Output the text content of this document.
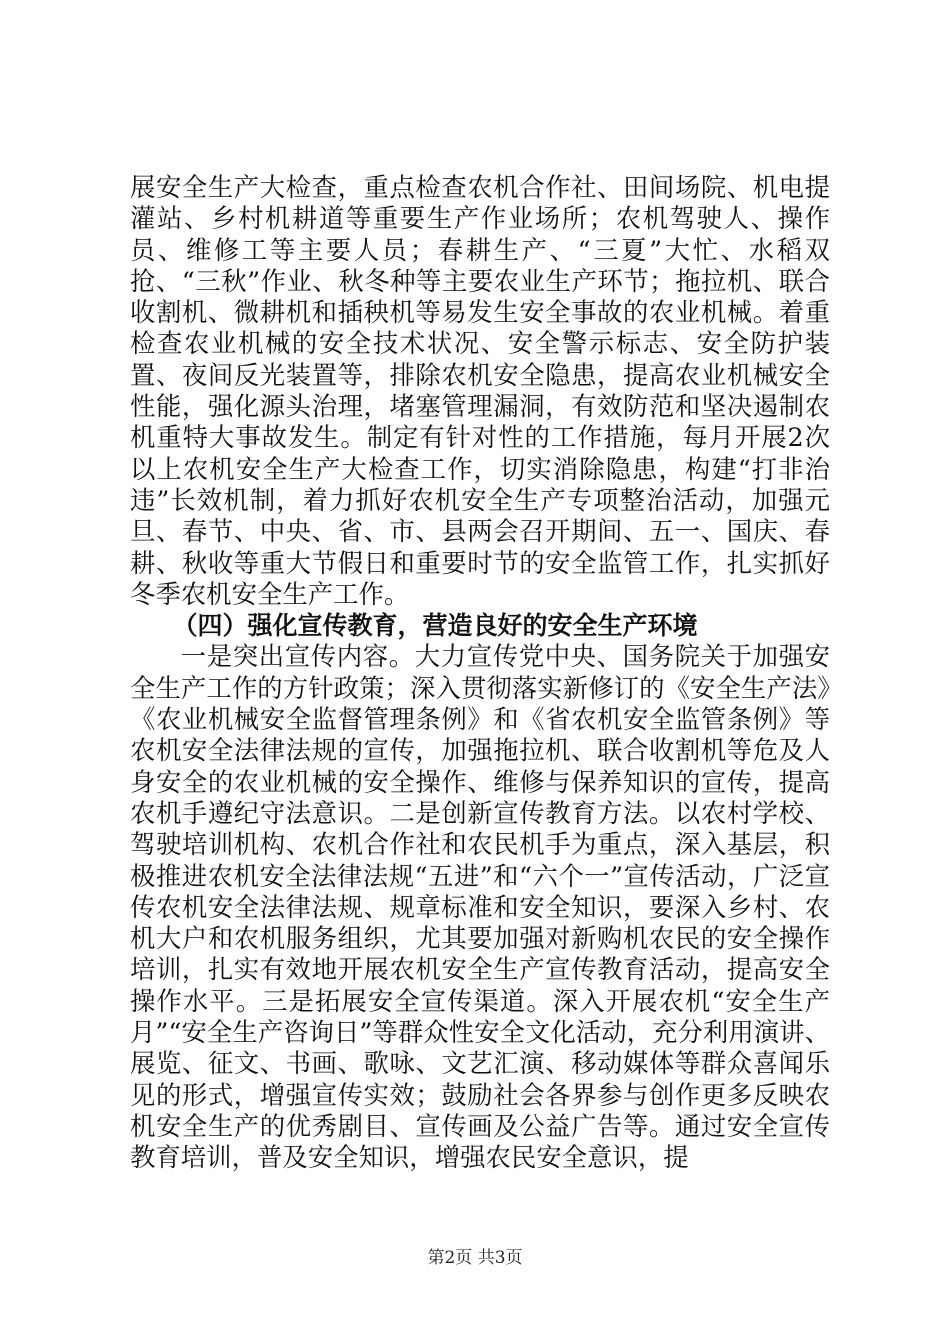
展安全生产大检查，重点检查农机合作社、田间场院、机电提灌站、乡村机耕道等重要生产作业场所；农机驾驶人、操作员、维修工等主要人员；春耕生产、“三夏”大忙、水稻双抢、“三秋”作业、秋冬种等主要农业生产环节；拖拉机、联合收割机、微耕机和插秧机等易发生安全事故的农业机械。着重检查农业机械的安全技术状况、安全警示标志、安全防护装置、夜间反光装置等，排除农机安全隐患，提高农业机械安全性能，强化源头治理，堵塞管理漏洞，有效防范和坚决遏制农机重特大事故发生。制定有针对性的工作措施，每月开展2次以上农机安全生产大检查工作，切实消除隐患，构建“打非治违”长效机制，着力抓好农机安全生产专项整治活动，加强元旦、春节、中央、省、市、县两会召开期间、五一、国庆、春耕、秋收等重大节假日和重要时节的安全监管工作，扎实抓好冬季农机安全生产工作。

（四）强化宣传教育，营造良好的安全生产环境

一是突出宣传内容。大力宣传党中央、国务院关于加强安全生产工作的方针政策；深入贯彻落实新修订的《安全生产法》《农业机械安全监督管理条例》和《省农机安全监管条例》等农机安全法律法规的宣传，加强拖拉机、联合收割机等危及人身安全的农业机械的安全操作、维修与保养知识的宣传，提高农机手遵纪守法意识。二是创新宣传教育方法。以农村学校、驾驶培训机构、农机合作社和农民机手为重点，深入基层，积极推进农机安全法律法规“五进”和“六个一”宣传活动，广泛宣传农机安全法律法规、规章标准和安全知识，要深入乡村、农机大户和农机服务组织，尤其要加强对新购机农民的安全操作培训，扎实有效地开展农机安全生产宣传教育活动，提高安全操作水平。三是拓展安全宣传渠道。深入开展农机“安全生产月”“安全生产咨询日”等群众性安全文化活动，充分利用演讲、展览、征文、书画、歌咏、文艺汇演、移动媒体等群众喜闻乐见的形式，增强宣传实效；鼓励社会各界参与创作更多反映农机安全生产的优秀剧目、宣传画及公益广告等。通过安全宣传教育培训，普及安全知识，增强农民安全意识，提

第2页 共3页
